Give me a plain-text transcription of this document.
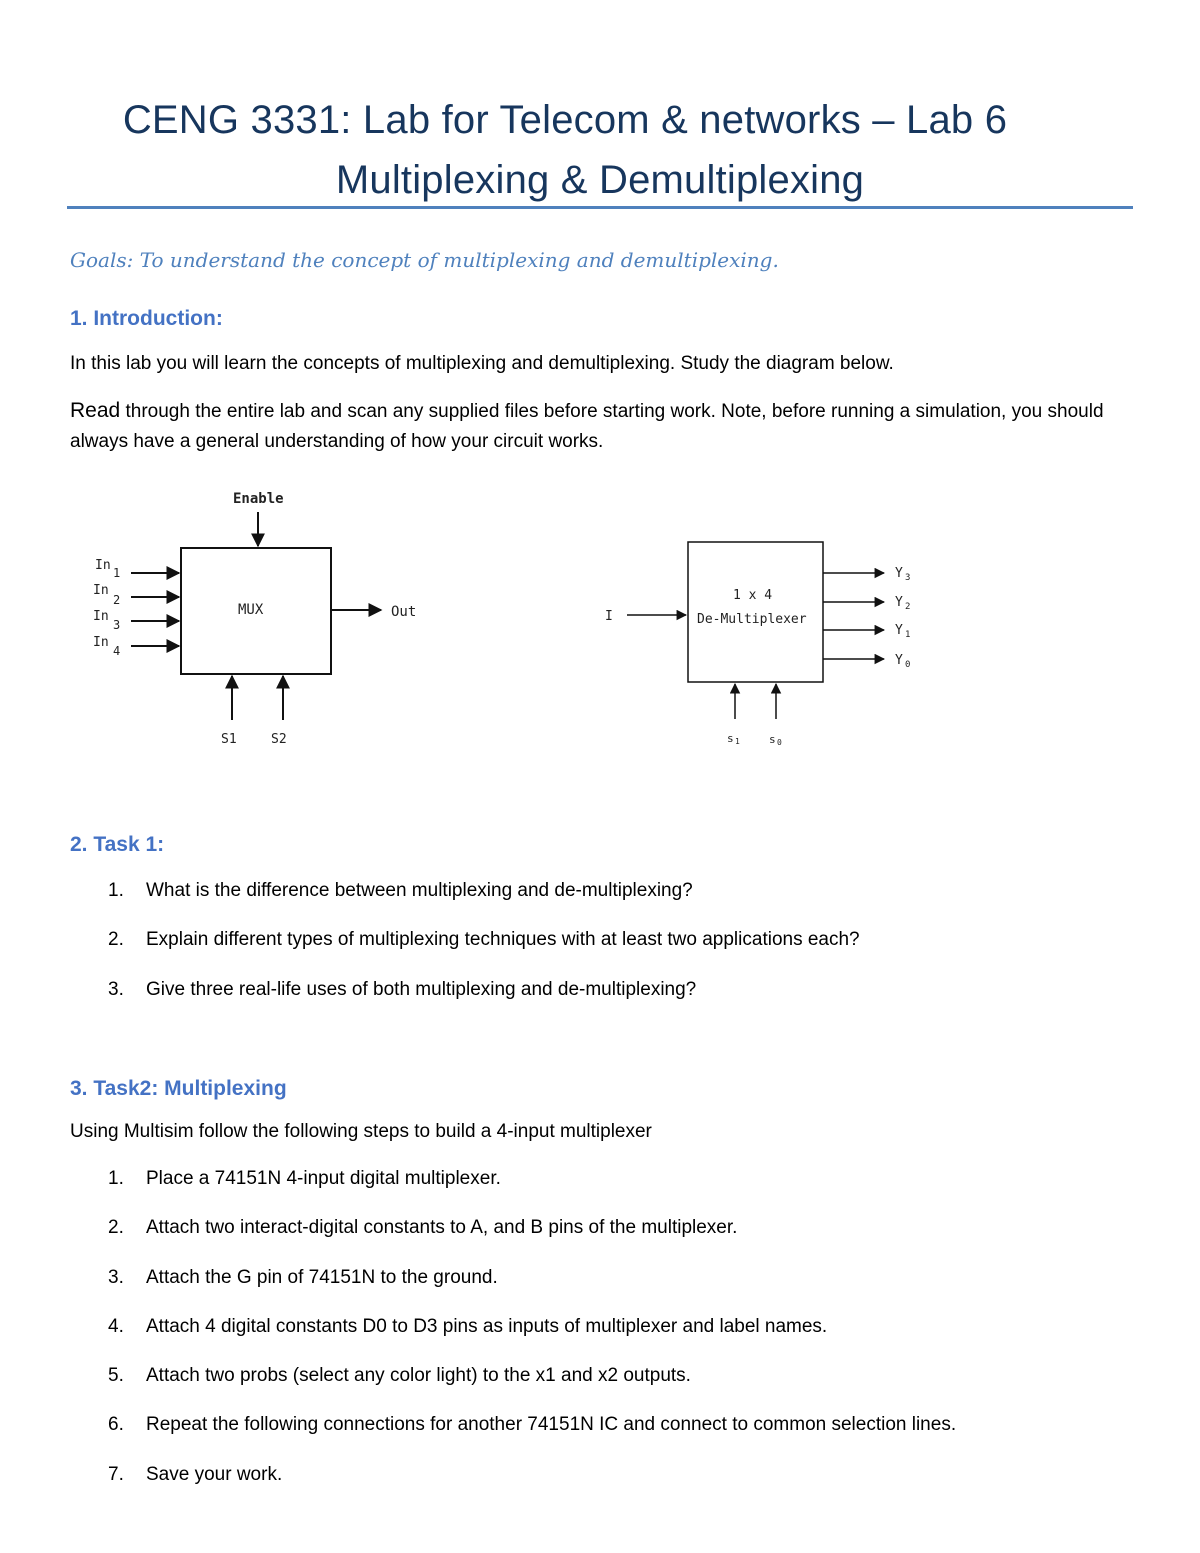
CENG 3331: Lab for Telecom & networks – Lab 6
Multiplexing & Demultiplexing
Goals: To understand the concept of multiplexing and demultiplexing.
1. Introduction:
In this lab you will learn the concepts of multiplexing and demultiplexing. Study the diagram below.
Read through the entire lab and scan any supplied files before starting work. Note, before running a simulation, you should always have a general understanding of how your circuit works.
Enable
MUX
In 1
In
2
In
3
In
4
Out
S1	S2
I
1 x 4
De-Multiplexer
Y 3
Y 2
Y 1
Y 0
s 1	s 0
2. Task 1:
1. What is the difference between multiplexing and de-multiplexing?
2. Explain different types of multiplexing techniques with at least two applications each?
3. Give three real-life uses of both multiplexing and de-multiplexing?
3. Task2: Multiplexing
Using Multisim follow the following steps to build a 4-input multiplexer
1. Place a 74151N 4-input digital multiplexer.
2. Attach two interact-digital constants to A, and B pins of the multiplexer.
3. Attach the G pin of 74151N to the ground.
4. Attach 4 digital constants D0 to D3 pins as inputs of multiplexer and label names.
5. Attach two probs (select any color light) to the x1 and x2 outputs.
6. Repeat the following connections for another 74151N IC and connect to common selection lines.
7. Save your work.
